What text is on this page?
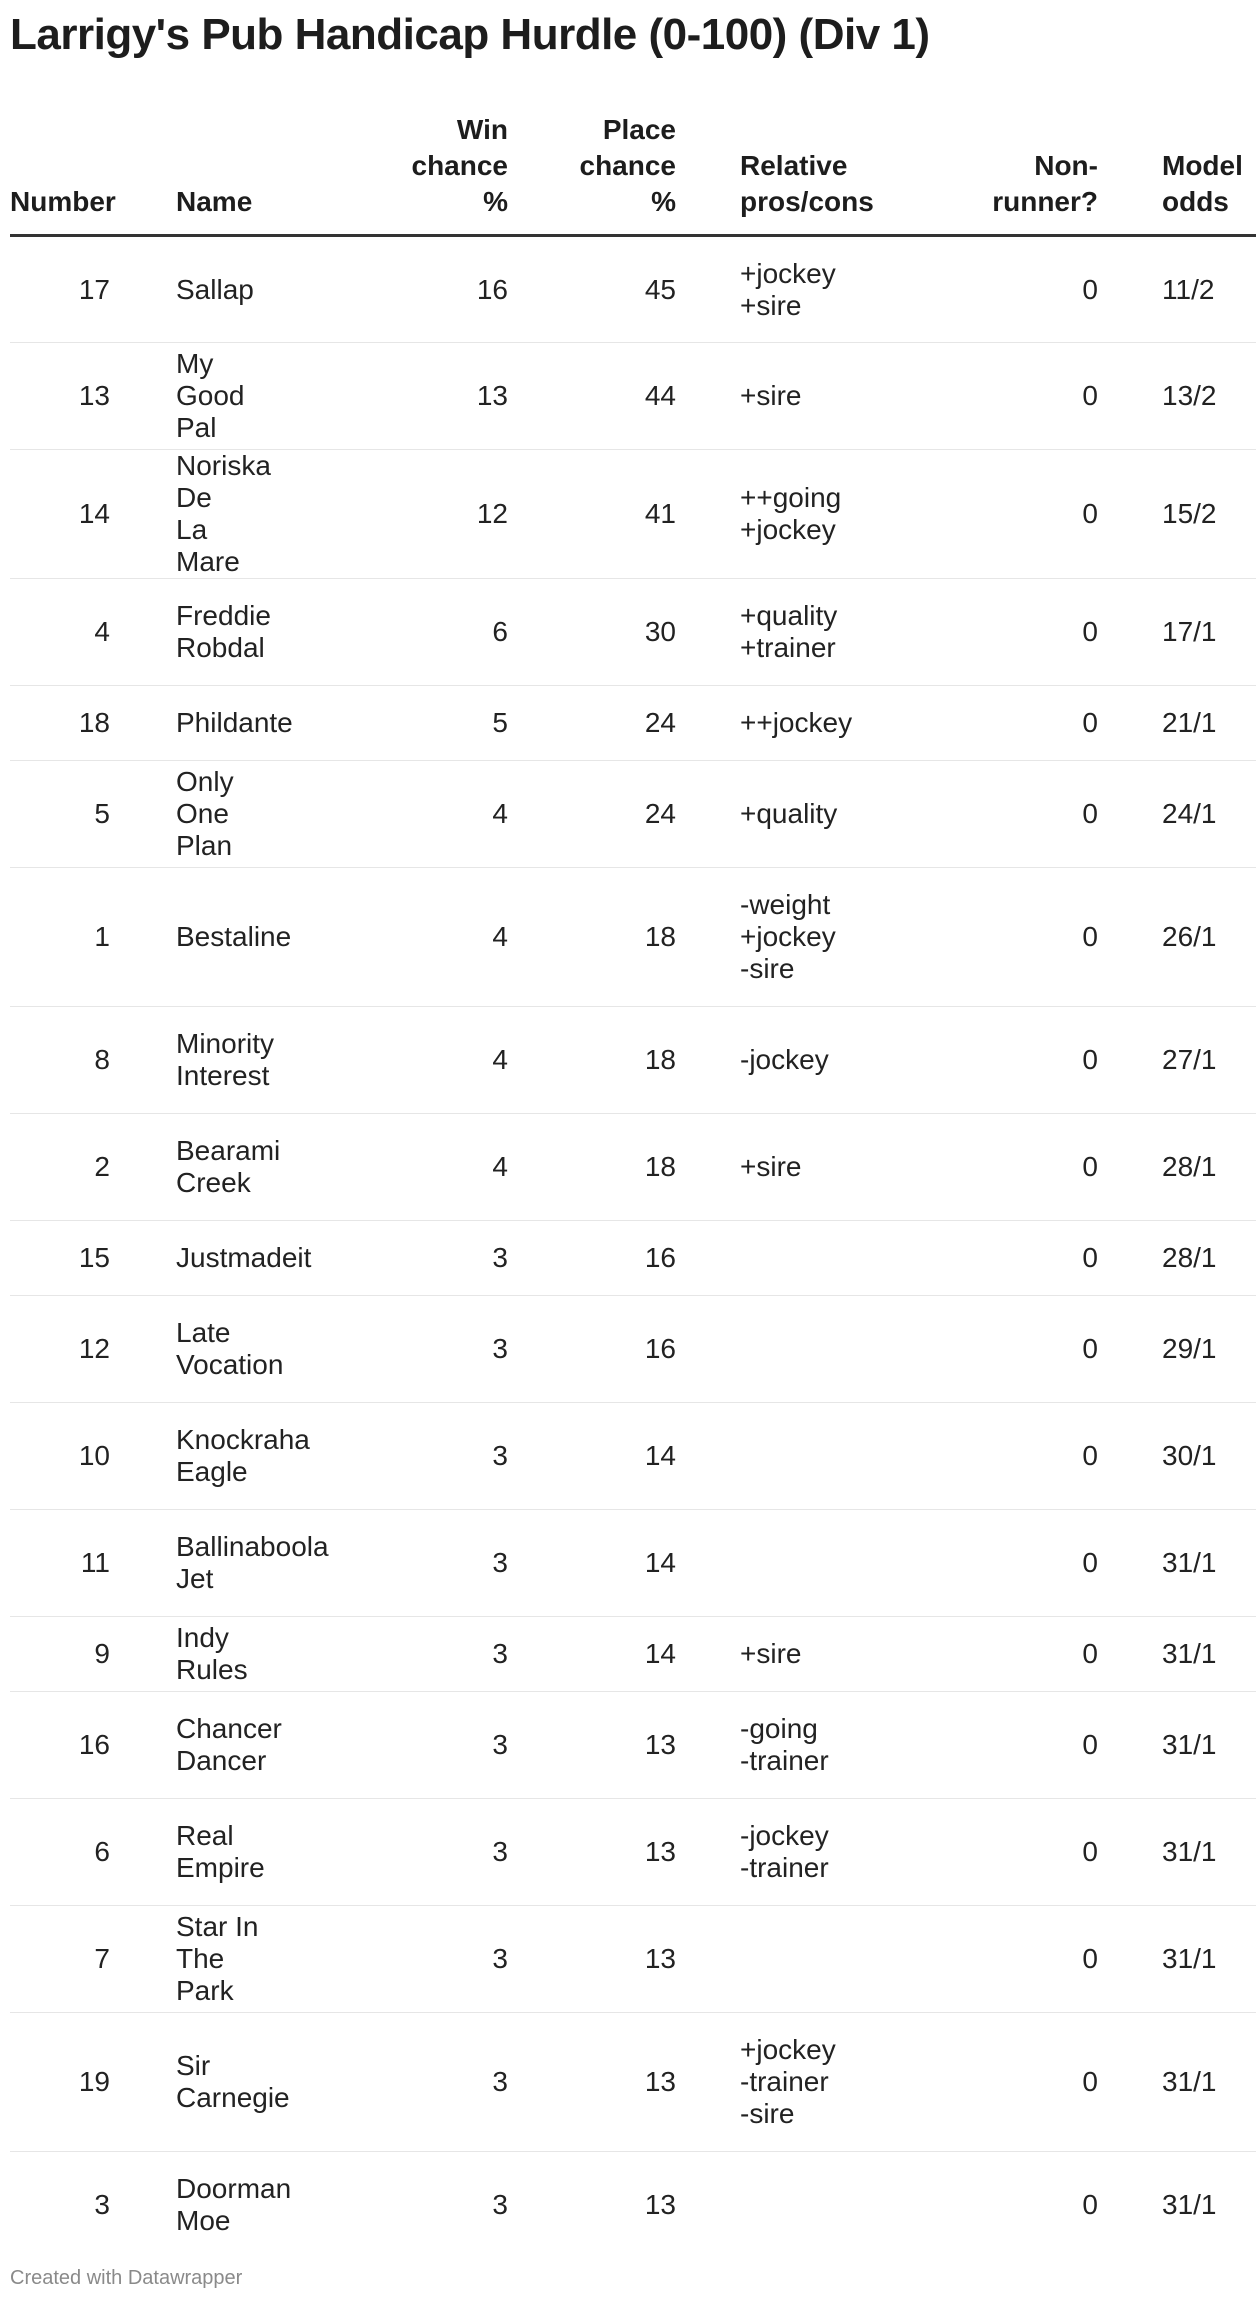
Larrigy's Pub Handicap Hurdle (0-100) (Div 1)
Number	Name	Win
chance
%	Place
chance
%	Relative
pros/cons	Non-
runner?	Model
odds

17	Sallap	16	45	+jockey
+sire	0	11/2

13	My Good
Pal	13	44	+sire	0	13/2

14	Noriska De
La Mare	12	41	++going
+jockey	0	15/2

4	Freddie
Robdal	6	30	+quality
+trainer	0	17/1

18	Phildante	5	24	++jockey	0	21/1

5	Only One
Plan	4	24	+quality	0	24/1

1	Bestaline	4	18	-weight
+jockey
-sire	0	26/1

8	Minority
Interest	4	18	-jockey	0	27/1

2	Bearami
Creek	4	18	+sire	0	28/1

15	Justmadeit	3	16		0	28/1

12	Late
Vocation	3	16		0	29/1

10	Knockraha
Eagle	3	14		0	30/1

11	Ballinaboola
Jet	3	14		0	31/1

9	Indy Rules	3	14	+sire	0	31/1

16	Chancer
Dancer	3	13	-going
-trainer	0	31/1

6	Real Empire	3	13	-jockey
-trainer	0	31/1

7	Star In The
Park	3	13		0	31/1

19	Sir Carnegie	3	13	+jockey
-trainer
-sire	0	31/1

3	Doorman
Moe	3	13		0	31/1
Created with Datawrapper
